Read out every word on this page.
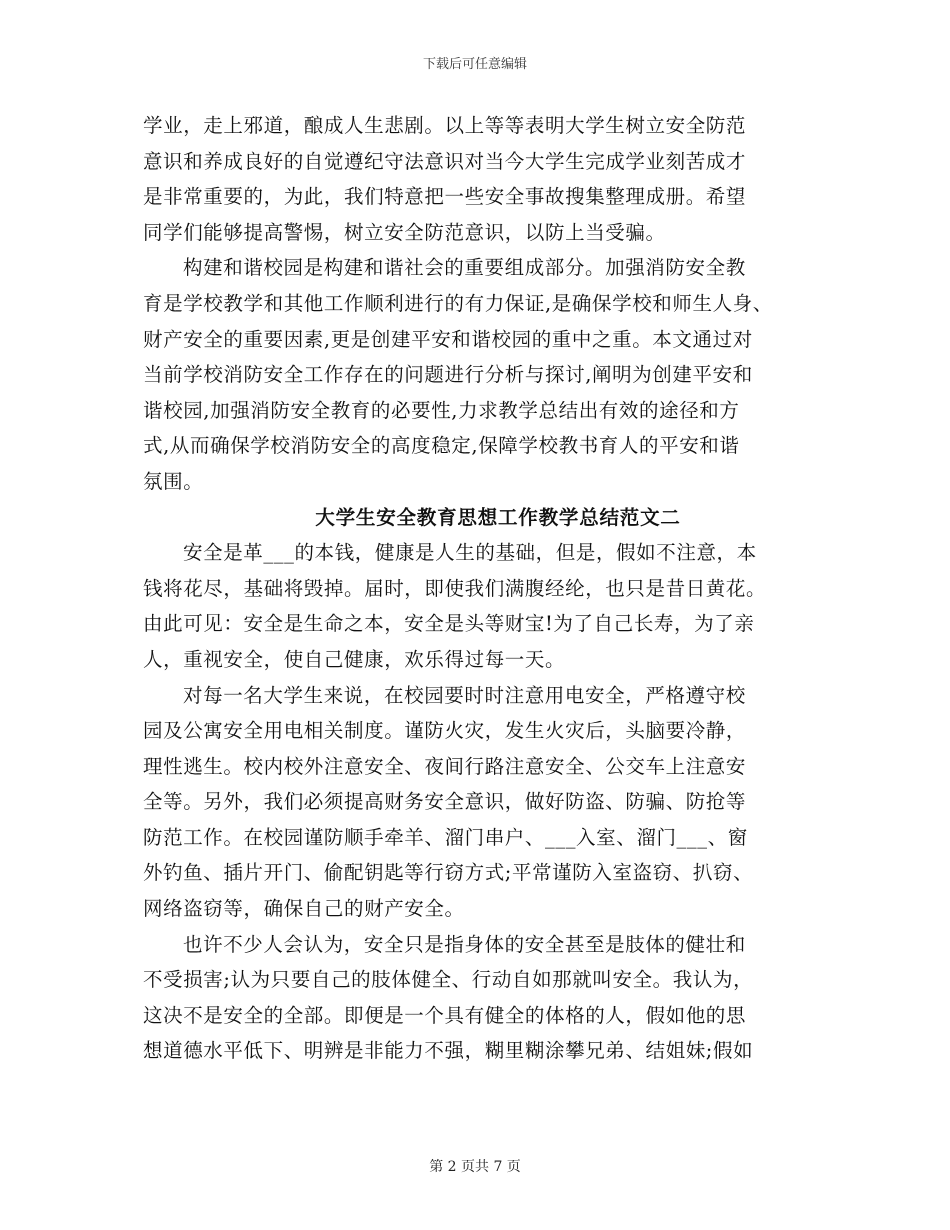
下载后可任意编辑
学业，走上邪道，酿成人生悲剧。以上等等表明大学生树立安全防范
意识和养成良好的自觉遵纪守法意识对当今大学生完成学业刻苦成才
是非常重要的，为此，我们特意把一些安全事故搜集整理成册。希望
同学们能够提高警惕，树立安全防范意识，以防上当受骗。
构建和谐校园是构建和谐社会的重要组成部分。加强消防安全教
育是学校教学和其他工作顺利进行的有力保证,是确保学校和师生人身、
财产安全的重要因素,更是创建平安和谐校园的重中之重。本文通过对
当前学校消防安全工作存在的问题进行分析与探讨,阐明为创建平安和
谐校园,加强消防安全教育的必要性,力求教学总结出有效的途径和方
式,从而确保学校消防安全的高度稳定,保障学校教书育人的平安和谐
氛围。
大学生安全教育思想工作教学总结范文二
安全是革___的本钱，健康是人生的基础，但是，假如不注意，本
钱将花尽，基础将毁掉。届时，即使我们满腹经纶，也只是昔日黄花。
由此可见：安全是生命之本，安全是头等财宝!为了自己长寿，为了亲
人，重视安全，使自己健康，欢乐得过每一天。
对每一名大学生来说，在校园要时时注意用电安全，严格遵守校
园及公寓安全用电相关制度。谨防火灾，发生火灾后，头脑要冷静，
理性逃生。校内校外注意安全、夜间行路注意安全、公交车上注意安
全等。另外，我们必须提高财务安全意识，做好防盗、防骗、防抢等
防范工作。在校园谨防顺手牵羊、溜门串户、___入室、溜门___、窗
外钓鱼、插片开门、偷配钥匙等行窃方式;平常谨防入室盗窃、扒窃、
网络盗窃等，确保自己的财产安全。
也许不少人会认为，安全只是指身体的安全甚至是肢体的健壮和
不受损害;认为只要自己的肢体健全、行动自如那就叫安全。我认为，
这决不是安全的全部。即便是一个具有健全的体格的人，假如他的思
想道德水平低下、明辨是非能力不强，糊里糊涂攀兄弟、结姐妹;假如
第 2 页共 7 页
